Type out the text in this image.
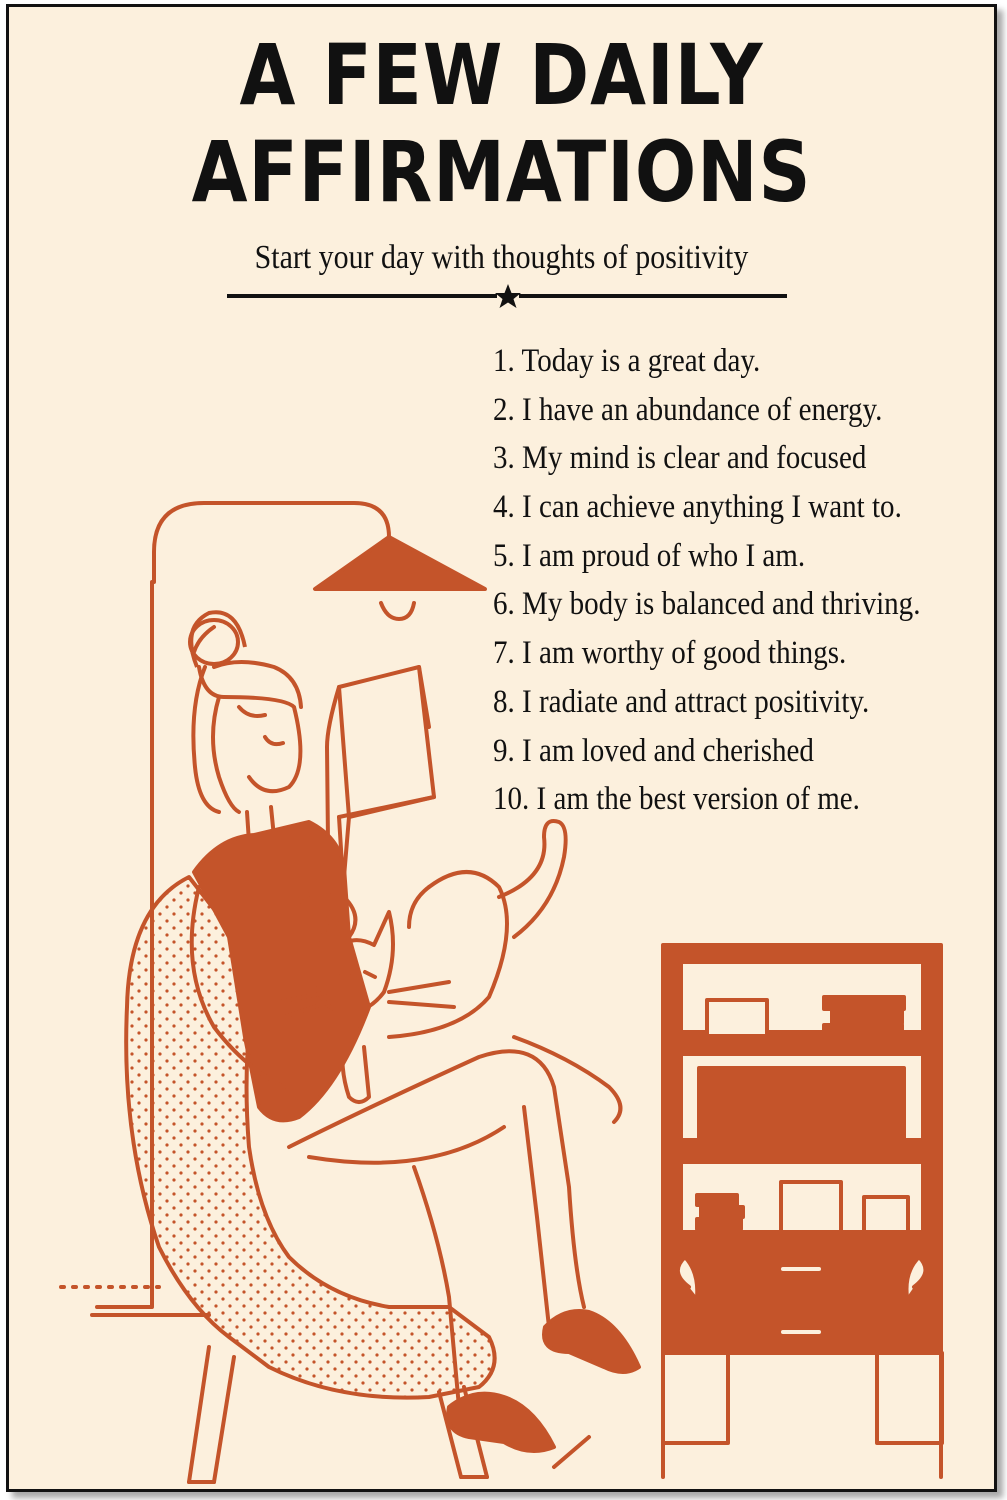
A FEW DAILY
AFFIRMATIONS
Start your day with thoughts of positivity
1. Today is a great day.
2. I have an abundance of energy.
3. My mind is clear and focused
4. I can achieve anything I want to.
5. I am proud of who I am.
6. My body is balanced and thriving.
7. I am worthy of good things.
8. I radiate and attract positivity.
9. I am loved and cherished
10. I am the best version of me.
